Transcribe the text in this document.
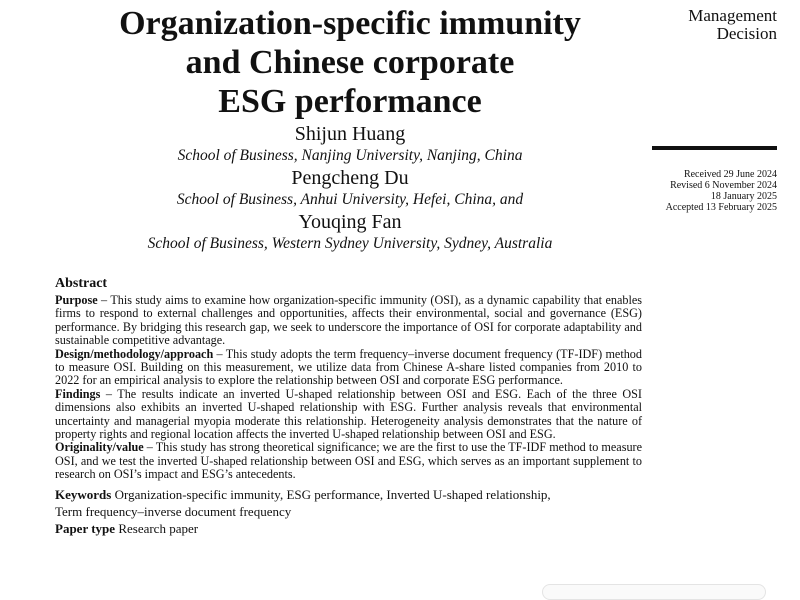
Organization-specific immunity
and Chinese corporate
ESG performance
Management
Decision
Received 29 June 2024
Revised 6 November 2024
18 January 2025
Accepted 13 February 2025
Shijun Huang
School of Business, Nanjing University, Nanjing, China
Pengcheng Du
School of Business, Anhui University, Hefei, China, and
Youqing Fan
School of Business, Western Sydney University, Sydney, Australia
Abstract

Purpose – This study aims to examine how organization-specific immunity (OSI), as a dynamic capability that enables firms to respond to external challenges and opportunities, affects their environmental, social and governance (ESG) performance. By bridging this research gap, we seek to underscore the importance of OSI for corporate adaptability and sustainable competitive advantage.

Design/methodology/approach – This study adopts the term frequency–inverse document frequency (TF-IDF) method to measure OSI. Building on this measurement, we utilize data from Chinese A-share listed companies from 2010 to 2022 for an empirical analysis to explore the relationship between OSI and corporate ESG performance.

Findings – The results indicate an inverted U-shaped relationship between OSI and ESG. Each of the three OSI dimensions also exhibits an inverted U-shaped relationship with ESG. Further analysis reveals that environmental uncertainty and managerial myopia moderate this relationship. Heterogeneity analysis demonstrates that the nature of property rights and regional location affects the inverted U-shaped relationship between OSI and ESG.

Originality/value – This study has strong theoretical significance; we are the first to use the TF-IDF method to measure OSI, and we test the inverted U-shaped relationship between OSI and ESG, which serves as an important supplement to research on OSI’s impact and ESG’s antecedents.

Keywords Organization-specific immunity, ESG performance, Inverted U-shaped relationship,
Term frequency–inverse document frequency
Paper type Research paper
